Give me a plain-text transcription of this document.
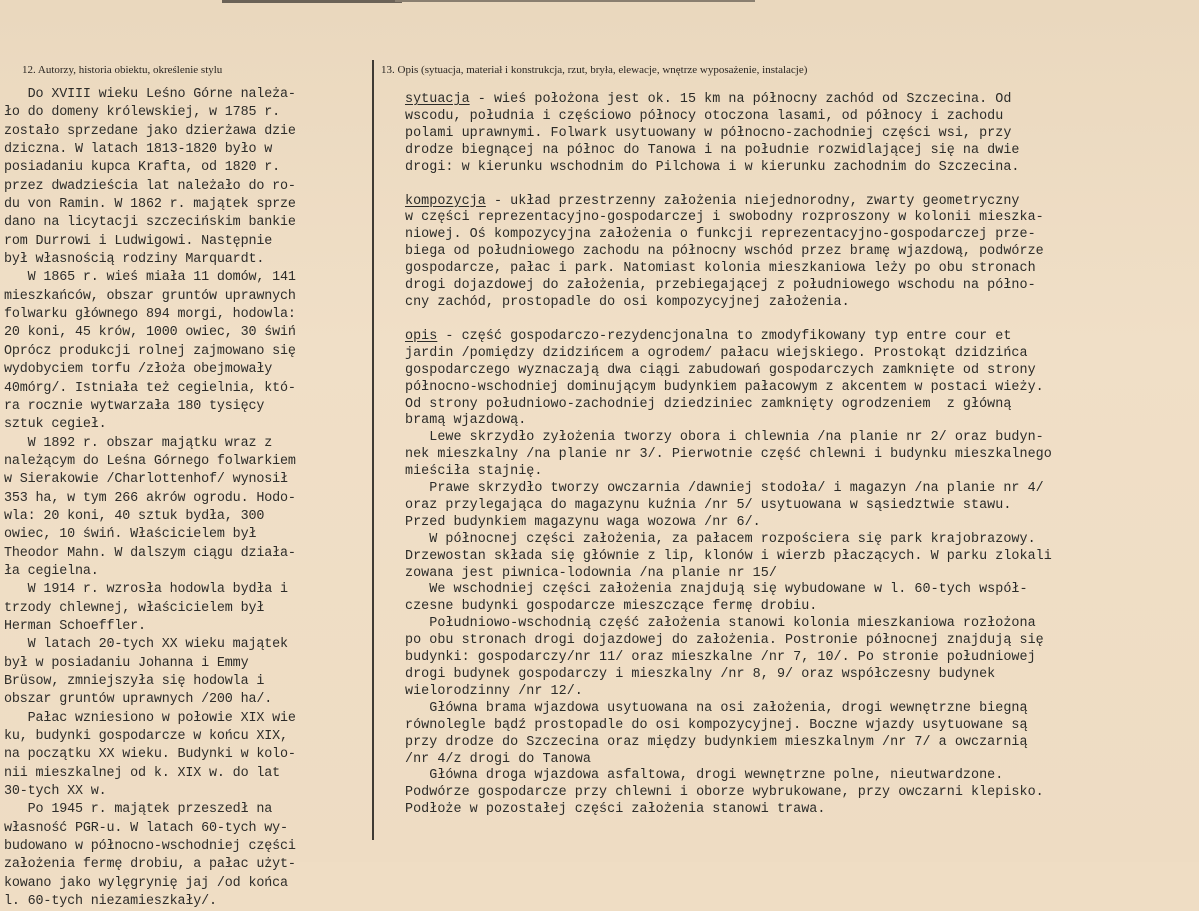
12. Autorzy, historia obiektu, określenie stylu	13. Opis (sytuacja, materiał i konstrukcja, rzut, bryła, elewacje, wnętrze wyposażenie, instalacje)
Do XVIII wieku Leśno Górne należa-
ło do domeny królewskiej, w 1785 r.
zostało sprzedane jako dzierżawa dzie
dziczna. W latach 1813-1820 było w
posiadaniu kupca Krafta, od 1820 r.
przez dwadzieścia lat należało do ro-
du von Ramin. W 1862 r. majątek sprze
dano na licytacji szczecińskim bankie
rom Durrowi i Ludwigowi. Następnie
był własnością rodziny Marquardt.
W 1865 r. wieś miała 11 domów, 141
mieszkańców, obszar gruntów uprawnych
folwarku głównego 894 morgi, hodowla:
20 koni, 45 krów, 1000 owiec, 30 świń
Oprócz produkcji rolnej zajmowano się
wydobyciem torfu /złoża obejmowały
40mórg/. Istniała też cegielnia, któ-
ra rocznie wytwarzała 180 tysięcy
sztuk cegieł.
W 1892 r. obszar majątku wraz z
należącym do Leśna Górnego folwarkiem
w Sierakowie /Charlottenhof/ wynosił
353 ha, w tym 266 akrów ogrodu. Hodo-
wla: 20 koni, 40 sztuk bydła, 300
owiec, 10 świń. Właścicielem był
Theodor Mahn. W dalszym ciągu działa-
ła cegielna.
W 1914 r. wzrosła hodowla bydła i
trzody chlewnej, właścicielem był
Herman Schoeffler.
W latach 20-tych XX wieku majątek
był w posiadaniu Johanna i Emmy
Brüsow, zmniejszyła się hodowla i
obszar gruntów uprawnych /200 ha/.
Pałac wzniesiono w połowie XIX wie
ku, budynki gospodarcze w końcu XIX,
na początku XX wieku. Budynki w kolo-
nii mieszkalnej od k. XIX w. do lat
30-tych XX w.
Po 1945 r. majątek przeszedł na
własność PGR-u. W latach 60-tych wy-
budowano w północno-wschodniej części
założenia fermę drobiu, a pałac użyt-
kowano jako wylęgrynię jaj /od końca
l. 60-tych niezamieszkały/.
sytuacja - wieś położona jest ok. 15 km na północny zachód od Szczecina. Od
wscodu, południa i częściowo północy otoczona lasami, od północy i zachodu
polami uprawnymi. Folwark usytuowany w północno-zachodniej części wsi, przy
drodze biegnącej na północ do Tanowa i na południe rozwidlającej się na dwie
drogi: w kierunku wschodnim do Pilchowa i w kierunku zachodnim do Szczecina.
kompozycja - układ przestrzenny założenia niejednorodny, zwarty geometryczny
w części reprezentacyjno-gospodarczej i swobodny rozproszony w kolonii mieszka-
niowej. Oś kompozycyjna założenia o funkcji reprezentacyjno-gospodarczej prze-
biega od południowego zachodu na północny wschód przez bramę wjazdową, podwórze
gospodarcze, pałac i park. Natomiast kolonia mieszkaniowa leży po obu stronach
drogi dojazdowej do założenia, przebiegającej z południowego wschodu na półno-
cny zachód, prostopadle do osi kompozycyjnej założenia.
opis - część gospodarczo-rezydencjonalna to zmodyfikowany typ entre cour et
jardin /pomiędzy dzidzińcem a ogrodem/ pałacu wiejskiego. Prostokąt dzidzińca
gospodarczego wyznaczają dwa ciągi zabudowań gospodarczych zamknięte od strony
północno-wschodniej dominującym budynkiem pałacowym z akcentem w postaci wieży.
Od strony południowo-zachodniej dziedziniec zamknięty ogrodzeniem  z główną
bramą wjazdową.
Lewe skrzydło zyłożenia tworzy obora i chlewnia /na planie nr 2/ oraz budyn-
nek mieszkalny /na planie nr 3/. Pierwotnie część chlewni i budynku mieszkalnego
mieściła stajnię.
Prawe skrzydło tworzy owczarnia /dawniej stodoła/ i magazyn /na planie nr 4/
oraz przylegająca do magazynu kuźnia /nr 5/ usytuowana w sąsiedztwie stawu.
Przed budynkiem magazynu waga wozowa /nr 6/.
W północnej części założenia, za pałacem rozpościera się park krajobrazowy.
Drzewostan składa się głównie z lip, klonów i wierzb płaczących. W parku zlokali
zowana jest piwnica-lodownia /na planie nr 15/
We wschodniej części założenia znajdują się wybudowane w l. 60-tych współ-
czesne budynki gospodarcze mieszczące fermę drobiu.
Południowo-wschodnią część założenia stanowi kolonia mieszkaniowa rozłożona
po obu stronach drogi dojazdowej do założenia. Postronie północnej znajdują się
budynki: gospodarczy/nr 11/ oraz mieszkalne /nr 7, 10/. Po stronie południowej
drogi budynek gospodarczy i mieszkalny /nr 8, 9/ oraz współczesny budynek
wielorodzinny /nr 12/.
Główna brama wjazdowa usytuowana na osi założenia, drogi wewnętrzne biegną
równolegle bądź prostopadle do osi kompozycyjnej. Boczne wjazdy usytuowane są
przy drodze do Szczecina oraz między budynkiem mieszkalnym /nr 7/ a owczarnią
/nr 4/z drogi do Tanowa
Główna droga wjazdowa asfaltowa, drogi wewnętrzne polne, nieutwardzone.
Podwórze gospodarcze przy chlewni i oborze wybrukowane, przy owczarni klepisko.
Podłoże w pozostałej części założenia stanowi trawa.
